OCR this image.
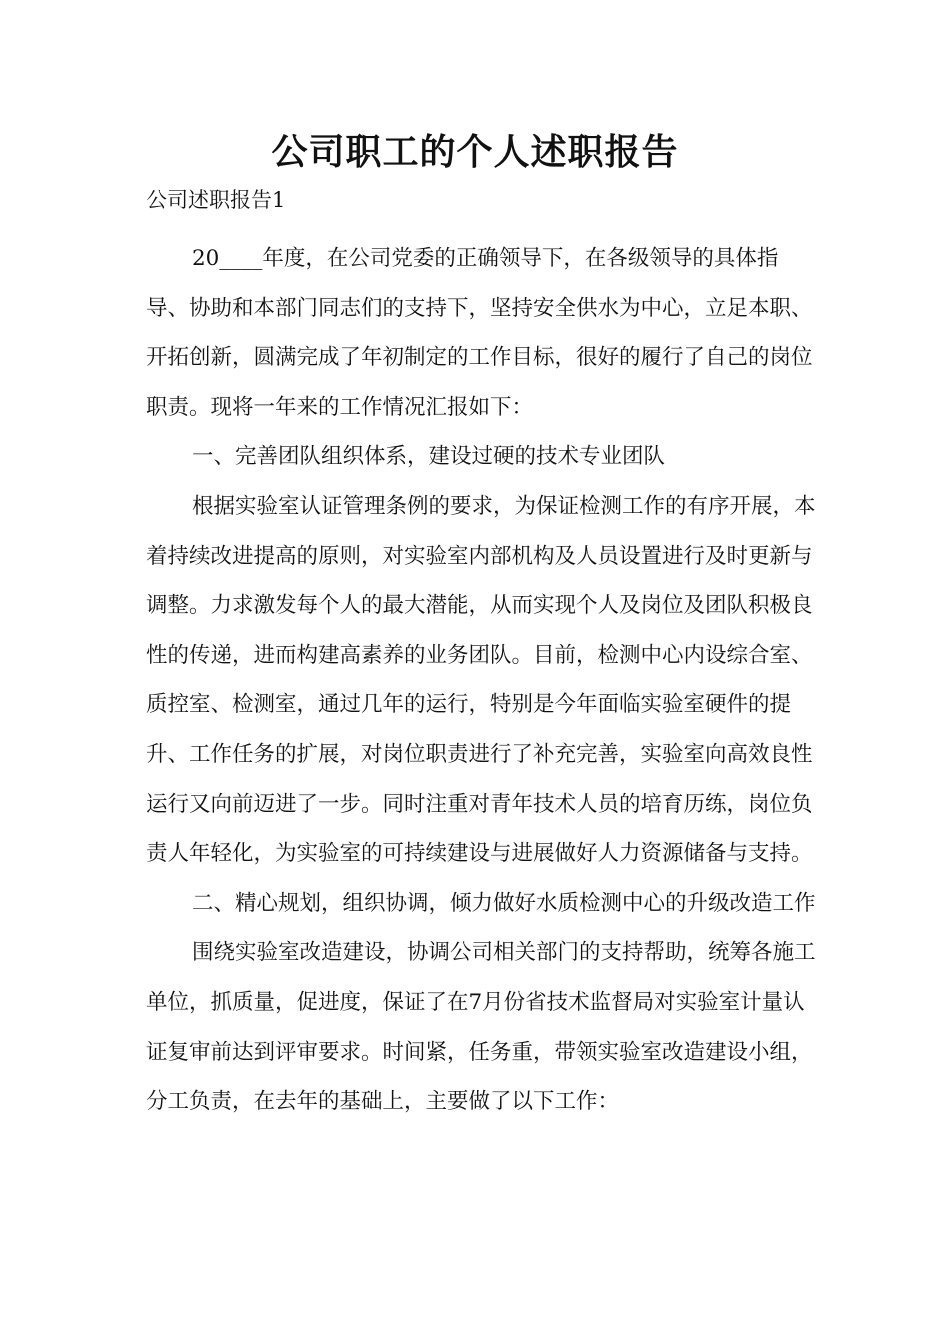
公司职工的个人述职报告

公司述职报告1

20____年度，在公司党委的正确领导下，在各级领导的具体指导、协助和本部门同志们的支持下，坚持安全供水为中心，立足本职、开拓创新，圆满完成了年初制定的工作目标，很好的履行了自己的岗位职责。现将一年来的工作情况汇报如下：

一、完善团队组织体系，建设过硬的技术专业团队

根据实验室认证管理条例的要求，为保证检测工作的有序开展，本着持续改进提高的原则，对实验室内部机构及人员设置进行及时更新与调整。力求激发每个人的最大潜能，从而实现个人及岗位及团队积极良性的传递，进而构建高素养的业务团队。目前，检测中心内设综合室、质控室、检测室，通过几年的运行，特别是今年面临实验室硬件的提升、工作任务的扩展，对岗位职责进行了补充完善，实验室向高效良性运行又向前迈进了一步。同时注重对青年技术人员的培育历练，岗位负责人年轻化，为实验室的可持续建设与进展做好人力资源储备与支持。

二、精心规划，组织协调，倾力做好水质检测中心的升级改造工作

围绕实验室改造建设，协调公司相关部门的支持帮助，统筹各施工单位，抓质量，促进度，保证了在7月份省技术监督局对实验室计量认证复审前达到评审要求。时间紧，任务重，带领实验室改造建设小组，分工负责，在去年的基础上，主要做了以下工作：
